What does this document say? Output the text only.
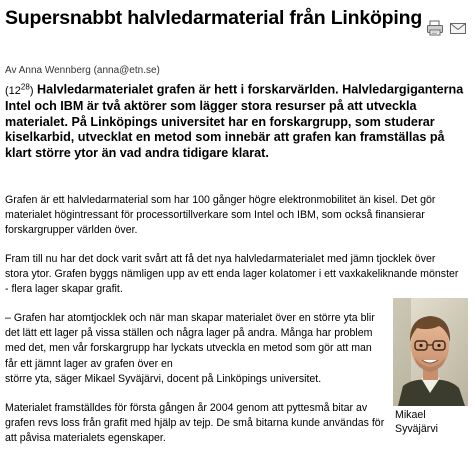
Supersnabbt halvledarmaterial från Linköping
Av Anna Wennberg (anna@etn.se)
$(12^{28})$ Halvledarmaterialet grafen är hett i forskarvärlden. Halvledargiganterna Intel och IBM är två aktörer som lägger stora resurser på att utveckla materialet. På Linköpings universitet har en forskargrupp, som studerar kiselkarbid, utvecklat en metod som innebär att grafen kan framställas på klart större ytor än vad andra tidigare klarat.

Grafen är ett halvledarmaterial som har 100 gånger högre elektronmobilitet än kisel. Det gör materialet högintressant för processortillverkare som Intel och IBM, som också finansierar forskargrupper världen över.

Fram till nu har det dock varit svårt att få det nya halvledarmaterialet med jämn tjocklek över stora ytor. Grafen byggs nämligen upp av ett enda lager kolatomer i ett vaxkakeliknande mönster - flera lager skapar grafit.

– Grafen har atomtjocklek och när man skapar materialet över en större yta blir det lätt ett lager på vissa ställen och några lager på andra. Många har problem med det, men vår forskargrupp har lyckats utveckla en metod som gör att man får ett jämnt lager av grafen över en
större yta, säger Mikael Syväjärvi, docent på Linköpings universitet.

Materialet framställdes för första gången år 2004 genom att pyttesmå bitar av grafen revs loss från grafit med hjälp av tejp. De små bitarna kunde användas för att påvisa materialets egenskaper.

Mikael Syväjärvi
